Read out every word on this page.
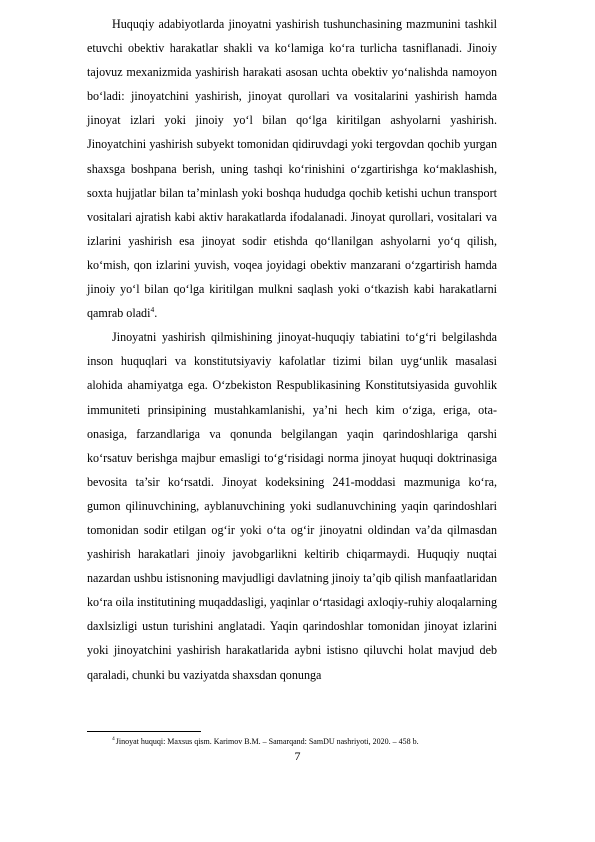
Huquqiy adabiyotlarda jinoyatni yashirish tushunchasining mazmunini tashkil etuvchi obektiv harakatlar shakli va ko‘lamiga ko‘ra turlicha tasniflanadi. Jinoiy tajovuz mexanizmida yashirish harakati asosan uchta obektiv yo‘nalishda namoyon bo‘ladi: jinoyatchini yashirish, jinoyat qurollari va vositalarini yashirish hamda jinoyat izlari yoki jinoiy yo‘l bilan qo‘lga kiritilgan ashyolarni yashirish. Jinoyatchini yashirish subyekt tomonidan qidiruvdagi yoki tergovdan qochib yurgan shaxsga boshpana berish, uning tashqi ko‘rinishini o‘zgartirishga ko‘maklashish, soxta hujjatlar bilan ta’minlash yoki boshqa hududga qochib ketishi uchun transport vositalari ajratish kabi aktiv harakatlarda ifodalanadi. Jinoyat qurollari, vositalari va izlarini yashirish esa jinoyat sodir etishda qo‘llanilgan ashyolarni yo‘q qilish, ko‘mish, qon izlarini yuvish, voqea joyidagi obektiv manzarani o‘zgartirish hamda jinoiy yo‘l bilan qo‘lga kiritilgan mulkni saqlash yoki o‘tkazish kabi harakatlarni qamrab oladi$^4$.

Jinoyatni yashirish qilmishining jinoyat-huquqiy tabiatini to‘g‘ri belgilashda inson huquqlari va konstitutsiyaviy kafolatlar tizimi bilan uyg‘unlik masalasi alohida ahamiyatga ega. O‘zbekiston Respublikasining Konstitutsiyasida guvohlik immuniteti prinsipining mustahkamlanishi, ya’ni hech kim o‘ziga, eriga, ota-onasiga, farzandlariga va qonunda belgilangan yaqin qarindoshlariga qarshi ko‘rsatuv berishga majbur emasligi to‘g‘risidagi norma jinoyat huquqi doktrinasiga bevosita ta’sir ko‘rsatdi. Jinoyat kodeksining 241-moddasi mazmuniga ko‘ra, gumon qilinuvchining, ayblanuvchining yoki sudlanuvchining yaqin qarindoshlari tomonidan sodir etilgan og‘ir yoki o‘ta og‘ir jinoyatni oldindan va’da qilmasdan yashirish harakatlari jinoiy javobgarlikni keltirib chiqarmaydi. Huquqiy nuqtai nazardan ushbu istisnoning mavjudligi davlatning jinoiy ta’qib qilish manfaatlaridan ko‘ra oila institutining muqaddasligi, yaqinlar o‘rtasidagi axloqiy-ruhiy aloqalarning daxlsizligi ustun turishini anglatadi. Yaqin qarindoshlar tomonidan jinoyat izlarini yoki jinoyatchini yashirish harakatlarida aybni istisno qiluvchi holat mavjud deb qaraladi, chunki bu vaziyatda shaxsdan qonunga

$^4$Jinoyat huquqi: Maxsus qism. Karimov B.M. – Samarqand: SamDU nashriyoti, 2020. – 458 b.
7
